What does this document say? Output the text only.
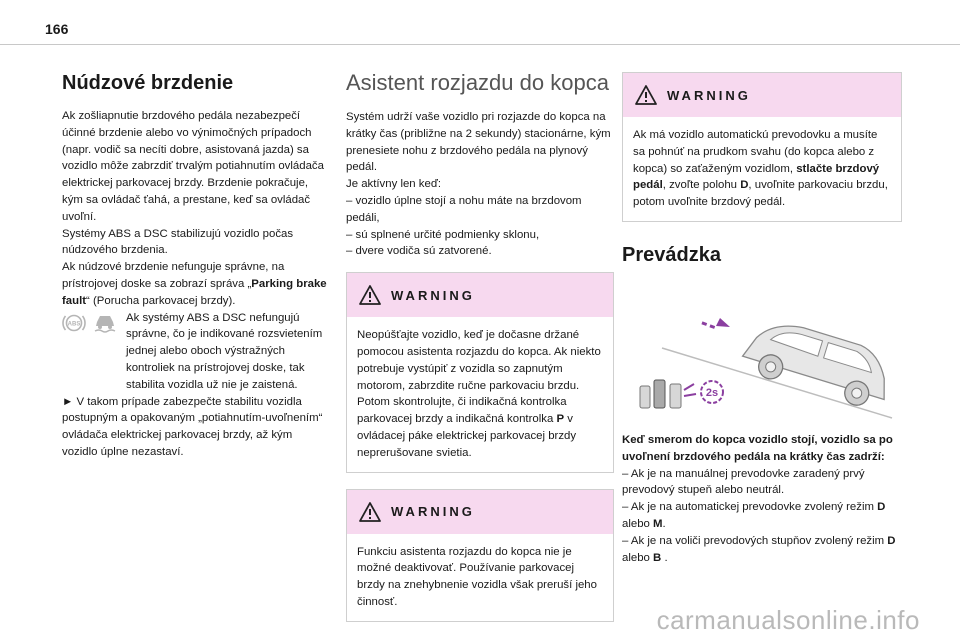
166
Núdzové brzdenie

Ak zošliapnutie brzdového pedála nezabezpečí účinné brzdenie alebo vo výnimočných prípadoch (napr. vodič sa necíti dobre, asistovaná jazda) sa vozidlo môže zabrzdiť trvalým potiahnutím ovládača elektrickej parkovacej brzdy. Brzdenie pokračuje, kým sa ovládač ťahá, a prestane, keď sa ovládač uvoľní.

Systémy ABS a DSC stabilizujú vozidlo počas núdzového brzdenia.

Ak núdzové brzdenie nefunguje správne, na prístrojovej doske sa zobrazí správa „Parking brake fault“ (Porucha parkovacej brzdy).

ABS

Ak systémy ABS a DSC nefungujú správne, čo je indikované rozsvietením jednej alebo oboch výstražných kontroliek na prístrojovej doske, tak stabilita vozidla už nie je zaistená.

► V takom prípade zabezpečte stabilitu vozidla postupným a opakovaným „potiahnutím-uvoľnením“ ovládača elektrickej parkovacej brzdy, až kým vozidlo úplne nezastaví.

Asistent rozjazdu do kopca

Systém udrží vaše vozidlo pri rozjazde do kopca na krátky čas (približne na 2 sekundy) stacionárne, kým prenesiete nohu z brzdového pedála na plynový pedál.

Je aktívny len keď:

– vozidlo úplne stojí a nohu máte na brzdovom pedáli,

– sú splnené určité podmienky sklonu,

– dvere vodiča sú zatvorené.

WARNING
Neopúšťajte vozidlo, keď je dočasne držané pomocou asistenta rozjazdu do kopca. Ak niekto potrebuje vystúpiť z vozidla so zapnutým motorom, zabrzdite ručne parkovaciu brzdu. Potom skontrolujte, či indikačná kontrolka parkovacej brzdy a indikačná kontrolka P v ovládacej páke elektrickej parkovacej brzdy neprerušovane svietia.
WARNING
Funkciu asistenta rozjazdu do kopca nie je možné deaktivovať. Používanie parkovacej brzdy na znehybnenie vozidla však preruší jeho činnosť.
WARNING
Ak má vozidlo automatickú prevodovku a musíte sa pohnúť na prudkom svahu (do kopca alebo z kopca) so zaťaženým vozidlom, stlačte brzdový pedál, zvoľte polohu D, uvoľnite parkovaciu brzdu, potom uvoľnite brzdový pedál.
Prevádzka
2s

Keď smerom do kopca vozidlo stojí, vozidlo sa po uvoľnení brzdového pedála na krátky čas zadrží:

– Ak je na manuálnej prevodovke zaradený prvý prevodový stupeň alebo neutrál.

– Ak je na automatickej prevodovke zvolený režim D alebo M.

– Ak je na voliči prevodových stupňov zvolený režim D alebo B .

carmanualsonline.info
